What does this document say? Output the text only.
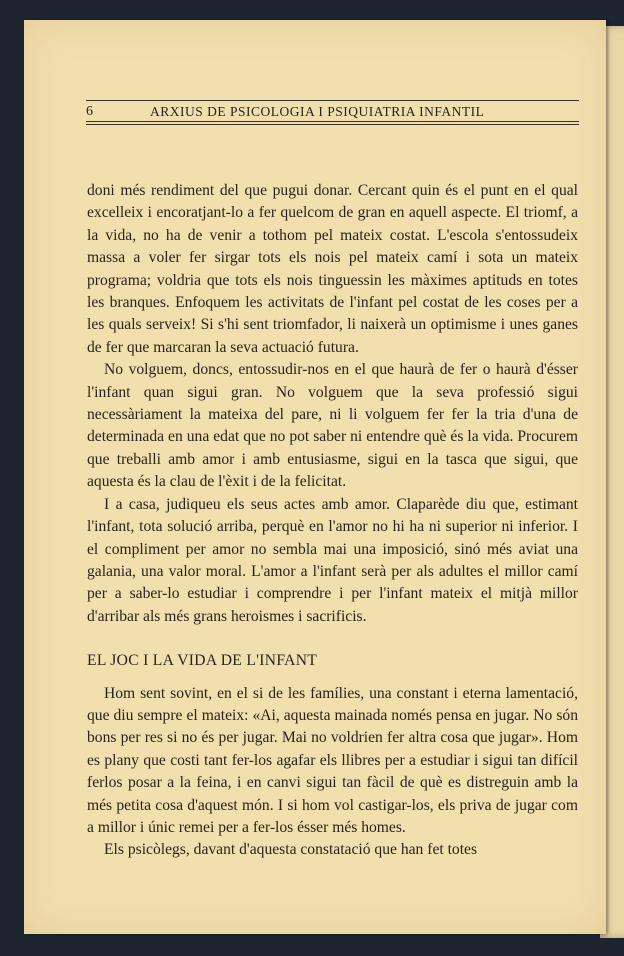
6	ARXIUS DE PSICOLOGIA I PSIQUIATRIA INFANTIL

doni més rendiment del que pugui donar. Cercant quin és el punt en el qual excelleix i encoratjant-lo a fer quelcom de gran en aquell aspecte. El triomf, a la vida, no ha de venir a tothom pel mateix costat. L'escola s'entossudeix massa a voler fer sirgar tots els nois pel mateix camí i sota un mateix programa; voldria que tots els nois tinguessin les màximes aptituds en totes les branques. Enfoquem les activitats de l'infant pel costat de les coses per a les quals serveix! Si s'hi sent triomfador, li naixerà un optimisme i unes ganes de fer que marcaran la seva actuació futura.

No volguem, doncs, entossudir-nos en el que haurà de fer o haurà d'ésser l'infant quan sigui gran. No volguem que la seva professió sigui necessàriament la mateixa del pare, ni li volguem fer fer la tria d'una de determinada en una edat que no pot saber ni entendre què és la vida. Procurem que treballi amb amor i amb entusiasme, sigui en la tasca que sigui, que aquesta és la clau de l'èxit i de la felicitat.

I a casa, judiqueu els seus actes amb amor. Claparède diu que, estimant l'infant, tota solució arriba, perquè en l'amor no hi ha ni superior ni inferior. I el compliment per amor no sembla mai una imposició, sinó més aviat una galania, una valor moral. L'amor a l'infant serà per als adultes el millor camí per a saber-lo estudiar i comprendre i per l'infant mateix el mitjà millor d'arribar als més grans heroismes i sacrificis.

EL JOC I LA VIDA DE L'INFANT

Hom sent sovint, en el si de les famílies, una constant i eterna lamentació, que diu sempre el mateix: «Ai, aquesta mainada només pensa en jugar. No són bons per res si no és per jugar. Mai no voldrien fer altra cosa que jugar». Hom es plany que costi tant fer-los agafar els llibres per a estudiar i sigui tan difícil ferlos posar a la feina, i en canvi sigui tan fàcil de què es distreguin amb la més petita cosa d'aquest món. I si hom vol castigar-los, els priva de jugar com a millor i únic remei per a fer-los ésser més homes.

Els psicòlegs, davant d'aquesta constatació que han fet totes
